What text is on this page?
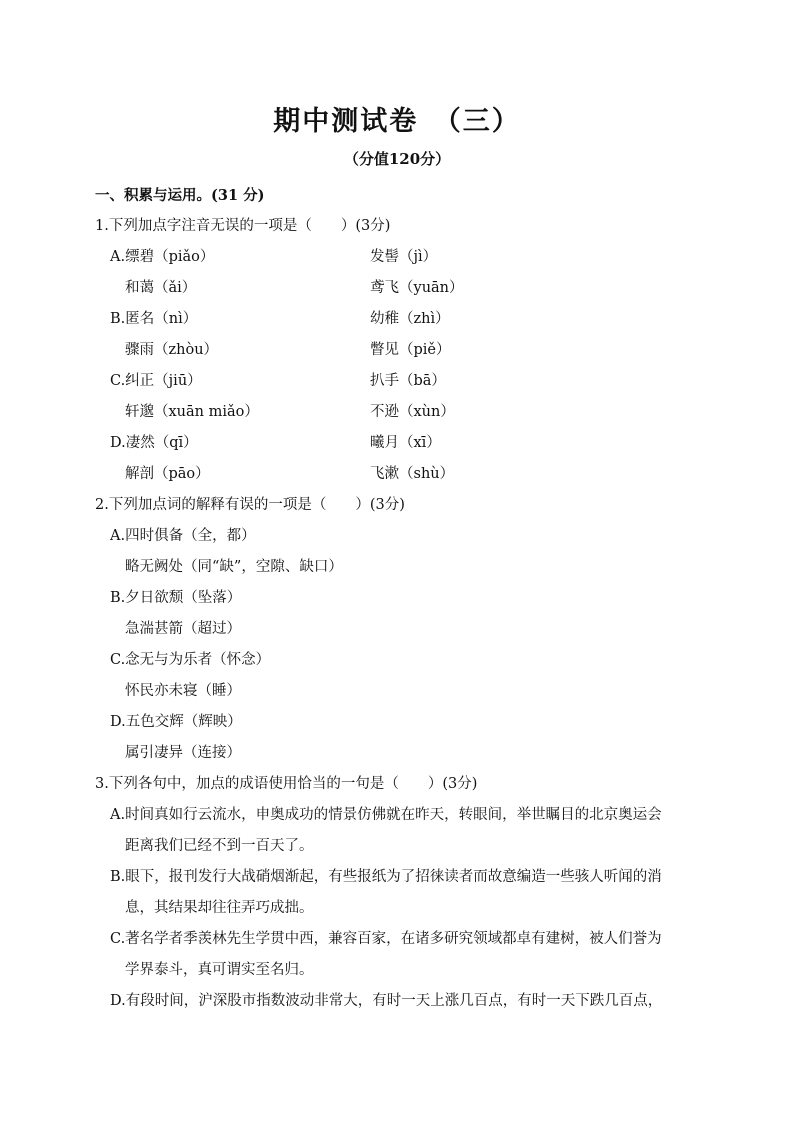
期中测试卷　（三）
（分值120分）
一、积累与运用。(31 分)
1.下列加点字注音无误的一项是（　　）(3分)
A.缥碧（piǎo）	发髻（jì）
和蔼（ǎi）	鸢飞（yuān）
B.匿名（nì）	幼稚（zhì）
骤雨（zhòu）	瞥见（piě）
C.纠正（jiū）	扒手（bā）
轩邈（xuān miǎo）	不逊（xùn）
D.凄然（qī）	曦月（xī）
解剖（pāo）	飞漱（shù）
2.下列加点词的解释有误的一项是（　　）(3分)
A.四时俱备（全，都）
略无阙处（同“缺”，空隙、缺口）
B.夕日欲颓（坠落）
急湍甚箭（超过）
C.念无与为乐者（怀念）
怀民亦未寝（睡）
D.五色交辉（辉映）
属引凄异（连接）
3.下列各句中，加点的成语使用恰当的一句是（　　）(3分)
A.时间真如行云流水，申奥成功的情景仿佛就在昨天，转眼间，举世瞩目的北京奥运会
距离我们已经不到一百天了。
B.眼下，报刊发行大战硝烟渐起，有些报纸为了招徕读者而故意编造一些骇人听闻的消
息，其结果却往往弄巧成拙。
C.著名学者季羡林先生学贯中西，兼容百家，在诸多研究领域都卓有建树，被人们誉为
学界泰斗，真可谓实至名归。
D.有段时间，沪深股市指数波动非常大，有时一天上涨几百点，有时一天下跌几百点，
